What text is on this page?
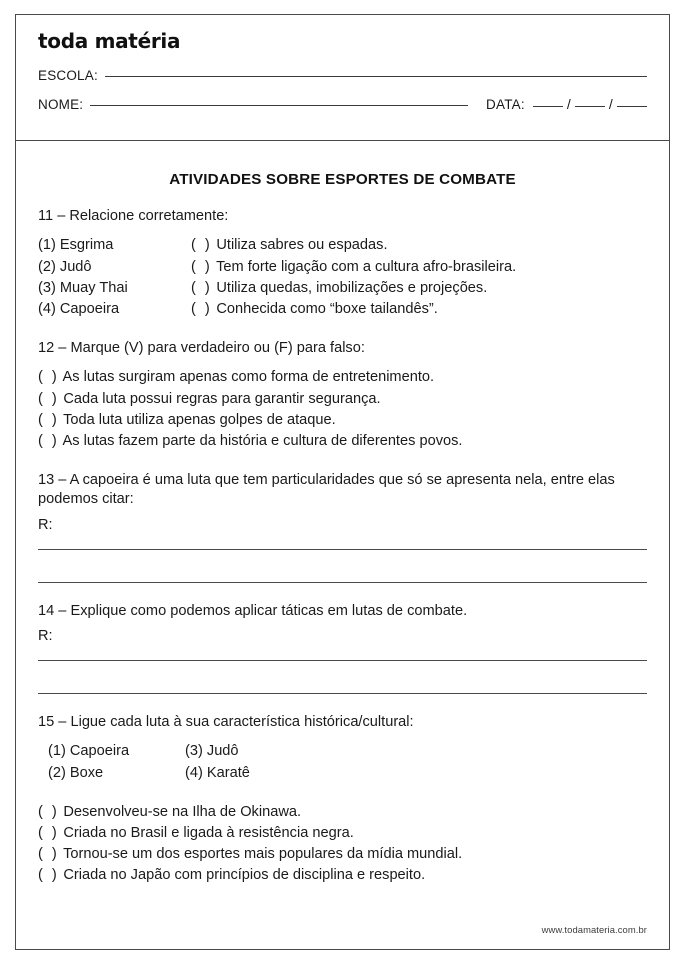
toda matéria
ESCOLA:
NOME:	DATA:	/	/
ATIVIDADES SOBRE ESPORTES DE COMBATE
11 – Relacione corretamente:
(1) Esgrima	( ) Utiliza sabres ou espadas.
(2) Judô	( ) Tem forte ligação com a cultura afro-brasileira.
(3) Muay Thai	( ) Utiliza quedas, imobilizações e projeções.
(4) Capoeira	( ) Conhecida como “boxe tailandês”.
12 – Marque (V) para verdadeiro ou (F) para falso:
( ) As lutas surgiram apenas como forma de entretenimento.
( ) Cada luta possui regras para garantir segurança.
( ) Toda luta utiliza apenas golpes de ataque.
( ) As lutas fazem parte da história e cultura de diferentes povos.
13 – A capoeira é uma luta que tem particularidades que só se apresenta nela, entre elas podemos citar:
R:
14 – Explique como podemos aplicar táticas em lutas de combate.
R:
15 – Ligue cada luta à sua característica histórica/cultural:
(1) Capoeira	(3) Judô
(2) Boxe	(4) Karatê
( ) Desenvolveu-se na Ilha de Okinawa.
( ) Criada no Brasil e ligada à resistência negra.
( ) Tornou-se um dos esportes mais populares da mídia mundial.
( ) Criada no Japão com princípios de disciplina e respeito.
www.todamateria.com.br
